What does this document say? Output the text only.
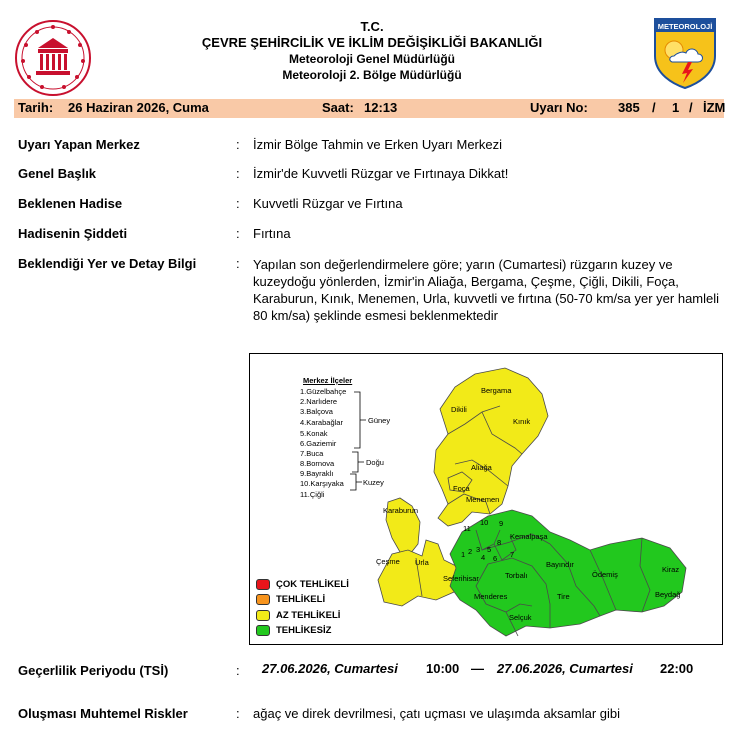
T.C.
ÇEVRE ŞEHİRCİLİK VE İKLİM DEĞİŞİKLİĞİ BAKANLIĞI
Meteoroloji Genel Müdürlüğü
Meteoroloji 2. Bölge Müdürlüğü
METEOROLOJİ
Tarih: 26 Haziran 2026, Cuma	Saat: 12:13	Uyarı No: 385 / 1 / İZM
Uyarı Yapan Merkez	: İzmir Bölge Tahmin ve Erken Uyarı Merkezi
Genel Başlık	: İzmir'de Kuvvetli Rüzgar ve Fırtınaya Dikkat!
Beklenen Hadise	: Kuvvetli Rüzgar ve Fırtına
Hadisenin Şiddeti	: Fırtına
Beklendiği Yer ve Detay Bilgi	: Yapılan son değerlendirmelere göre; yarın (Cumartesi) rüzgarın kuzey ve kuzeydoğu yönlerden, İzmir'in Aliağa, Bergama, Çeşme, Çiğli, Dikili, Foça, Karaburun, Kınık, Menemen, Urla, kuvvetli ve fırtına (50-70 km/sa yer yer hamleli 80 km/sa) şeklinde esmesi beklenmektedir
Merkez İlçeler
1.Güzelbahçe
2.Narlıdere
3.Balçova
4.Karabağlar
5.Konak
6.Gaziemir
7.Buca
8.Bornova
9.Bayraklı
10.Karşıyaka
11.Çiğli
Güney
Doğu
Kuzey
ÇOK TEHLİKELİ
TEHLİKELİ
AZ TEHLİKELİ
TEHLİKESİZ
Bergama
Dikili
Kınık
Aliağa
Foça
Menemen
Karaburun
Çeşme Urla
Seferihisar
Menderes
Torbalı
Bayındır
Kemalpaşa
Ödemiş
Kiraz
Beydağ
Tire
Selçuk
11
10 9
8
7
6
5
4
3
2
1
Geçerlilik Periyodu (TSİ)	: 27.06.2026, Cumartesi 10:00 — 27.06.2026, Cumartesi 22:00
Oluşması Muhtemel Riskler	: ağaç ve direk devrilmesi, çatı uçması ve ulaşımda aksamlar gibi
